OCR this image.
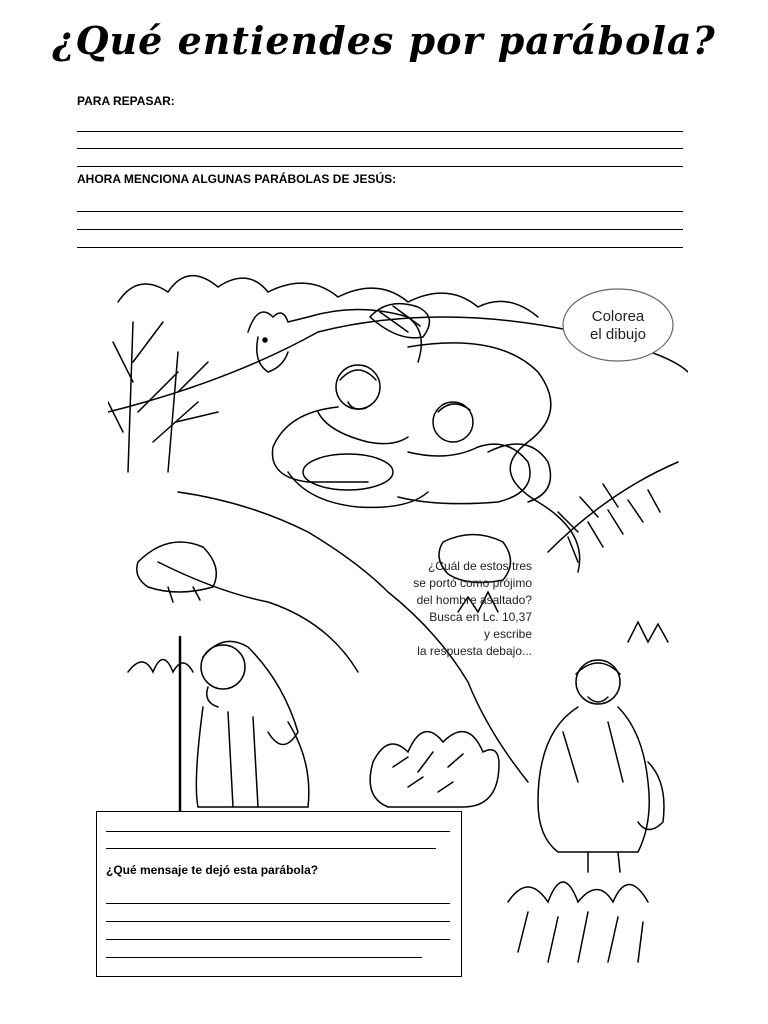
¿Qué entiendes por parábola?
PARA REPASAR:
AHORA MENCIONA ALGUNAS PARÁBOLAS DE JESÚS:
Colorea
el dibujo
¿Cuál de estos tres
se portó como prójimo
del hombre asaltado?
Busca en Lc. 10,37
y escribe
la respuesta debajo...
¿Qué mensaje te dejó esta parábola?
